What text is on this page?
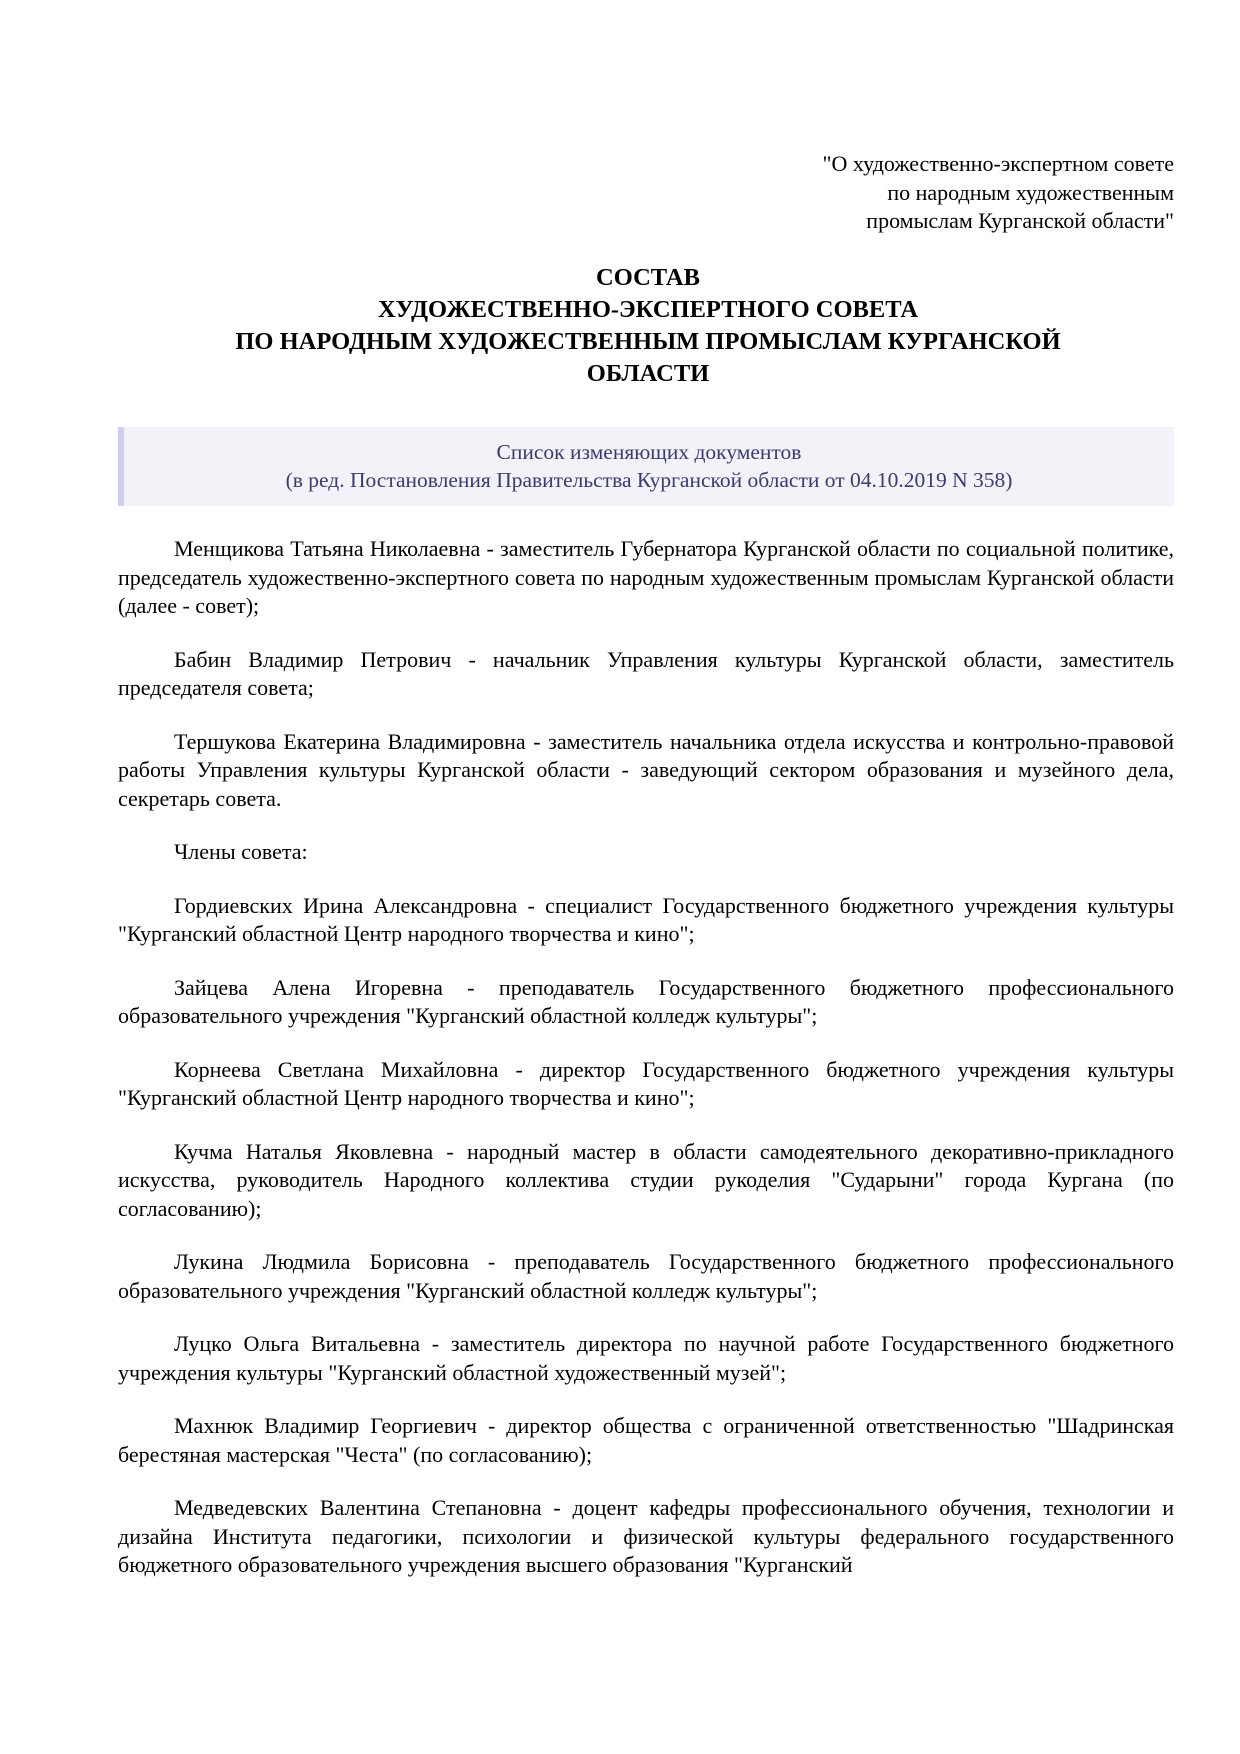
"О художественно-экспертном совете
по народным художественным
промыслам Курганской области"
СОСТАВ
ХУДОЖЕСТВЕННО-ЭКСПЕРТНОГО СОВЕТА
ПО НАРОДНЫМ ХУДОЖЕСТВЕННЫМ ПРОМЫСЛАМ КУРГАНСКОЙ
ОБЛАСТИ
Список изменяющих документов
(в ред. Постановления Правительства Курганской области от 04.10.2019 N 358)

Менщикова Татьяна Николаевна - заместитель Губернатора Курганской области по социальной политике, председатель художественно-экспертного совета по народным художественным промыслам Курганской области (далее - совет);

Бабин Владимир Петрович - начальник Управления культуры Курганской области, заместитель председателя совета;

Тершукова Екатерина Владимировна - заместитель начальника отдела искусства и контрольно-правовой работы Управления культуры Курганской области - заведующий сектором образования и музейного дела, секретарь совета.

Члены совета:

Гордиевских Ирина Александровна - специалист Государственного бюджетного учреждения культуры "Курганский областной Центр народного творчества и кино";

Зайцева Алена Игоревна - преподаватель Государственного бюджетного профессионального образовательного учреждения "Курганский областной колледж культуры";

Корнеева Светлана Михайловна - директор Государственного бюджетного учреждения культуры "Курганский областной Центр народного творчества и кино";

Кучма Наталья Яковлевна - народный мастер в области самодеятельного декоративно-прикладного искусства, руководитель Народного коллектива студии рукоделия "Сударыни" города Кургана (по согласованию);

Лукина Людмила Борисовна - преподаватель Государственного бюджетного профессионального образовательного учреждения "Курганский областной колледж культуры";

Луцко Ольга Витальевна - заместитель директора по научной работе Государственного бюджетного учреждения культуры "Курганский областной художественный музей";

Махнюк Владимир Георгиевич - директор общества с ограниченной ответственностью "Шадринская берестяная мастерская "Честа" (по согласованию);

Медведевских Валентина Степановна - доцент кафедры профессионального обучения, технологии и дизайна Института педагогики, психологии и физической культуры федерального государственного бюджетного образовательного учреждения высшего образования "Курганский
